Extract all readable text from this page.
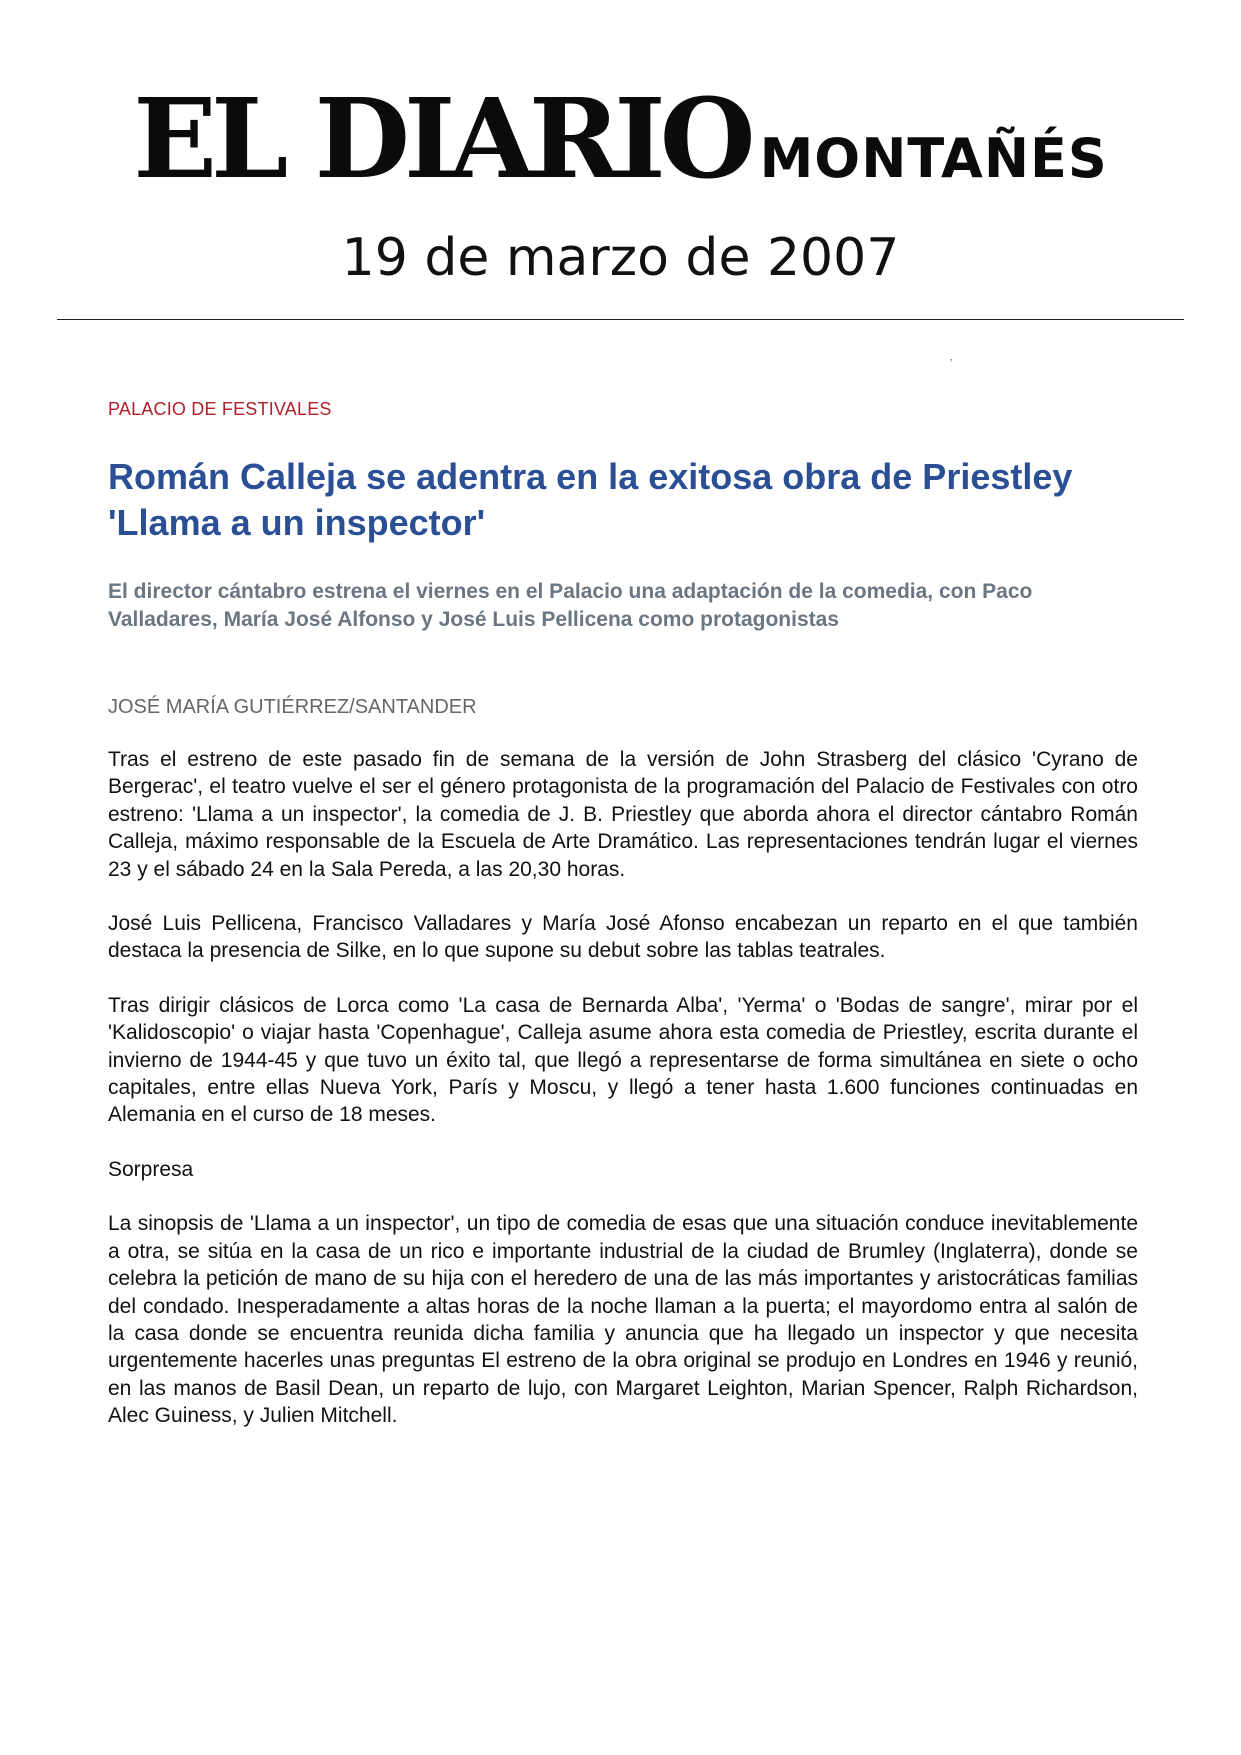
EL DIARIO MONTAÑÉS
19 de marzo de 2007
’

PALACIO DE FESTIVALES

Román Calleja se adentra en la exitosa obra de Priestley 'Llama a un inspector'

El director cántabro estrena el viernes en el Palacio una adaptación de la comedia, con Paco Valladares, María José Alfonso y José Luis Pellicena como protagonistas

JOSÉ MARÍA GUTIÉRREZ/SANTANDER

Tras el estreno de este pasado fin de semana de la versión de John Strasberg del clásico 'Cyrano de Bergerac', el teatro vuelve el ser el género protagonista de la programación del Palacio de Festivales con otro estreno: 'Llama a un inspector', la comedia de J. B. Priestley que aborda ahora el director cántabro Román Calleja, máximo responsable de la Escuela de Arte Dramático. Las representaciones tendrán lugar el viernes 23 y el sábado 24 en la Sala Pereda, a las 20,30 horas.

José Luis Pellicena, Francisco Valladares y María José Afonso encabezan un reparto en el que también destaca la presencia de Silke, en lo que supone su debut sobre las tablas teatrales.

Tras dirigir clásicos de Lorca como 'La casa de Bernarda Alba', 'Yerma' o 'Bodas de sangre', mirar por el 'Kalidoscopio' o viajar hasta 'Copenhague', Calleja asume ahora esta comedia de Priestley, escrita durante el invierno de 1944-45 y que tuvo un éxito tal, que llegó a representarse de forma simultánea en siete o ocho capitales, entre ellas Nueva York, París y Moscu, y llegó a tener hasta 1.600 funciones continuadas en Alemania en el curso de 18 meses.

Sorpresa

La sinopsis de 'Llama a un inspector', un tipo de comedia de esas que una situación conduce inevitablemente a otra, se sitúa en la casa de un rico e importante industrial de la ciudad de Brumley (Inglaterra), donde se celebra la petición de mano de su hija con el heredero de una de las más importantes y aristocráticas familias del condado. Inesperadamente a altas horas de la noche llaman a la puerta; el mayordomo entra al salón de la casa donde se encuentra reunida dicha familia y anuncia que ha llegado un inspector y que necesita urgentemente hacerles unas preguntas El estreno de la obra original se produjo en Londres en 1946 y reunió, en las manos de Basil Dean, un reparto de lujo, con Margaret Leighton, Marian Spencer, Ralph Richardson, Alec Guiness, y Julien Mitchell.
